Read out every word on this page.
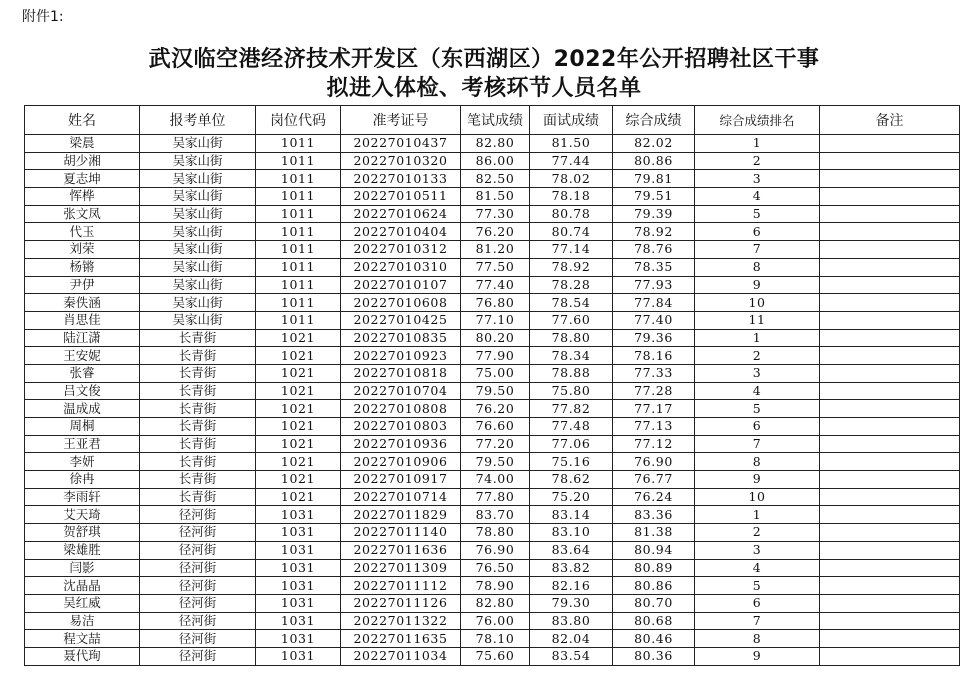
附件1:
武汉临空港经济技术开发区（东西湖区）2022年公开招聘社区干事
拟进入体检、考核环节人员名单
姓名	报考单位	岗位代码	准考证号	笔试成绩	面试成绩	综合成绩	综合成绩排名	备注
梁晨	吴家山街	1011	20227010437	82.80	81.50	82.02	1	
胡少湘	吴家山街	1011	20227010320	86.00	77.44	80.86	2	
夏志坤	吴家山街	1011	20227010133	82.50	78.02	79.81	3	
恽桦	吴家山街	1011	20227010511	81.50	78.18	79.51	4	
张文凤	吴家山街	1011	20227010624	77.30	80.78	79.39	5	
代玉	吴家山街	1011	20227010404	76.20	80.74	78.92	6	
刘荣	吴家山街	1011	20227010312	81.20	77.14	78.76	7	
杨锵	吴家山街	1011	20227010310	77.50	78.92	78.35	8	
尹伊	吴家山街	1011	20227010107	77.40	78.28	77.93	9	
秦佚涵	吴家山街	1011	20227010608	76.80	78.54	77.84	10	
肖思佳	吴家山街	1011	20227010425	77.10	77.60	77.40	11	
陆江潇	长青街	1021	20227010835	80.20	78.80	79.36	1	
王安妮	长青街	1021	20227010923	77.90	78.34	78.16	2	
张睿	长青街	1021	20227010818	75.00	78.88	77.33	3	
吕文俊	长青街	1021	20227010704	79.50	75.80	77.28	4	
温成成	长青街	1021	20227010808	76.20	77.82	77.17	5	
周桐	长青街	1021	20227010803	76.60	77.48	77.13	6	
王亚君	长青街	1021	20227010936	77.20	77.06	77.12	7	
李妍	长青街	1021	20227010906	79.50	75.16	76.90	8	
徐冉	长青街	1021	20227010917	74.00	78.62	76.77	9	
李雨轩	长青街	1021	20227010714	77.80	75.20	76.24	10	
艾天琦	径河街	1031	20227011829	83.70	83.14	83.36	1	
贺舒琪	径河街	1031	20227011140	78.80	83.10	81.38	2	
梁雄胜	径河街	1031	20227011636	76.90	83.64	80.94	3	
闫影	径河街	1031	20227011309	76.50	83.82	80.89	4	
沈晶晶	径河街	1031	20227011112	78.90	82.16	80.86	5	
吴红威	径河街	1031	20227011126	82.80	79.30	80.70	6	
易洁	径河街	1031	20227011322	76.00	83.80	80.68	7	
程文喆	径河街	1031	20227011635	78.10	82.04	80.46	8	
聂代珣	径河街	1031	20227011034	75.60	83.54	80.36	9	
